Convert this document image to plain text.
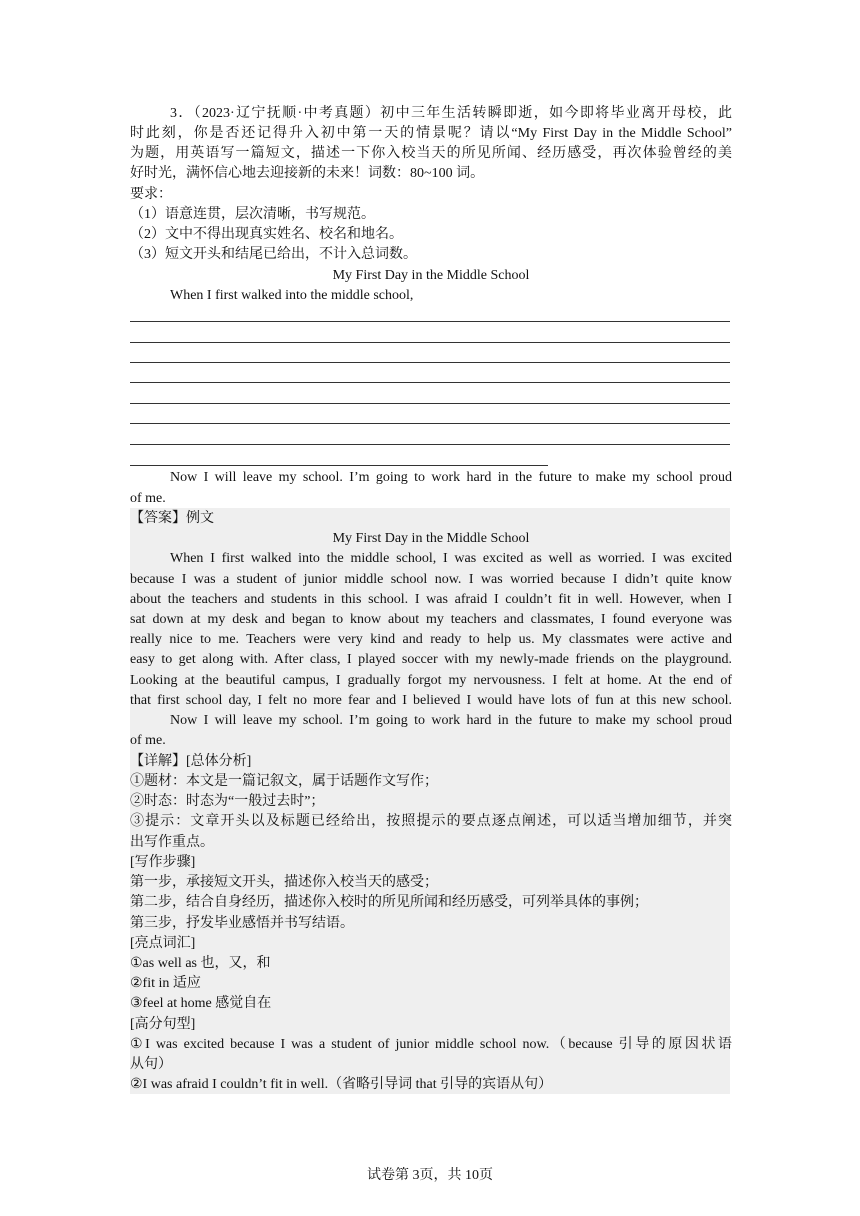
3．（2023·辽宁抚顺·中考真题）初中三年生活转瞬即逝，如今即将毕业离开母校，此
时此刻，你是否还记得升入初中第一天的情景呢？请以“My First Day in the Middle School”
为题，用英语写一篇短文，描述一下你入校当天的所见所闻、经历感受，再次体验曾经的美
好时光，满怀信心地去迎接新的未来！词数：80~100 词。
要求：
（1）语意连贯，层次清晰，书写规范。
（2）文中不得出现真实姓名、校名和地名。
（3）短文开头和结尾已给出，不计入总词数。
My First Day in the Middle School
When I first walked into the middle school,
Now I will leave my school. I’m going to work hard in the future to make my school proud
of me.
【答案】例文
My First Day in the Middle School
When I first walked into the middle school, I was excited as well as worried. I was excited
because I was a student of junior middle school now. I was worried because I didn’t quite know
about the teachers and students in this school. I was afraid I couldn’t fit in well. However, when I
sat down at my desk and began to know about my teachers and classmates, I found everyone was
really nice to me. Teachers were very kind and ready to help us. My classmates were active and
easy to get along with. After class, I played soccer with my newly-made friends on the playground.
Looking at the beautiful campus, I gradually forgot my nervousness. I felt at home. At the end of
that first school day, I felt no more fear and I believed I would have lots of fun at this new school.
Now I will leave my school. I’m going to work hard in the future to make my school proud
of me.
【详解】[总体分析]
①题材：本文是一篇记叙文，属于话题作文写作；
②时态：时态为“一般过去时”；
③提示：文章开头以及标题已经给出，按照提示的要点逐点阐述，可以适当增加细节，并突
出写作重点。
[写作步骤]
第一步，承接短文开头，描述你入校当天的感受；
第二步，结合自身经历，描述你入校时的所见所闻和经历感受，可列举具体的事例；
第三步，抒发毕业感悟并书写结语。
[亮点词汇]
①as well as 也，又，和
②fit in 适应
③feel at home 感觉自在
[高分句型]
①I was excited because I was a student of junior middle school now.（because 引导的原因状语
从句）
②I was afraid I couldn’t fit in well.（省略引导词 that 引导的宾语从句）
试卷第 3页，共 10页
